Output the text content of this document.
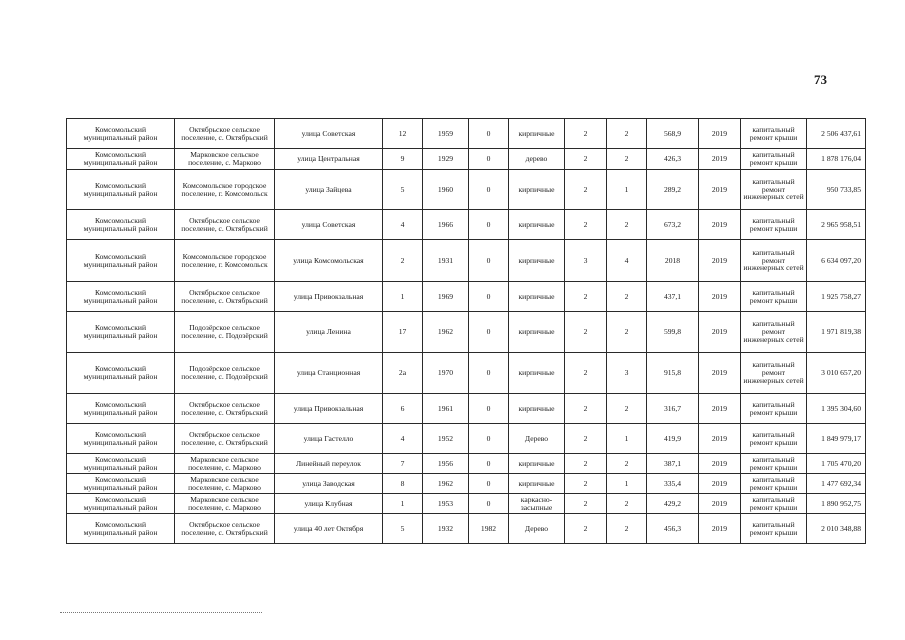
73
Комсомольский муниципальный район	Октябрьское сельское поселение, с. Октябрьский	улица Советская	12	1959	0	кирпичные	2	2	568,9	2019	капитальный ремонт крыши	2 506 437,61
Комсомольский муниципальный район	Марковское сельское поселение, с. Марково	улица Центральная	9	1929	0	дерево	2	2	426,3	2019	капитальный ремонт крыши	1 878 176,04
Комсомольский муниципальный район	Комсомольское городское поселение, г. Комсомольск	улица Зайцева	5	1960	0	кирпичные	2	1	289,2	2019	капитальный ремонт инженерных сетей	950 733,85
Комсомольский муниципальный район	Октябрьское сельское поселение, с. Октябрьский	улица Советская	4	1966	0	кирпичные	2	2	673,2	2019	капитальный ремонт крыши	2 965 958,51
Комсомольский муниципальный район	Комсомольское городское поселение, г. Комсомольск	улица Комсомольская	2	1931	0	кирпичные	3	4	2018	2019	капитальный ремонт инженерных сетей	6 634 097,20
Комсомольский муниципальный район	Октябрьское сельское поселение, с. Октябрьский	улица Привокзальная	1	1969	0	кирпичные	2	2	437,1	2019	капитальный ремонт крыши	1 925 758,27
Комсомольский муниципальный район	Подозёрское сельское поселение, с. Подозёрский	улица Ленина	17	1962	0	кирпичные	2	2	599,8	2019	капитальный ремонт инженерных сетей	1 971 819,38
Комсомольский муниципальный район	Подозёрское сельское поселение, с. Подозёрский	улица Станционная	2а	1970	0	кирпичные	2	3	915,8	2019	капитальный ремонт инженерных сетей	3 010 657,20
Комсомольский муниципальный район	Октябрьское сельское поселение, с. Октябрьский	улица Привокзальная	6	1961	0	кирпичные	2	2	316,7	2019	капитальный ремонт крыши	1 395 304,60
Комсомольский муниципальный район	Октябрьское сельское поселение, с. Октябрьский	улица Гастелло	4	1952	0	Дерево	2	1	419,9	2019	капитальный ремонт крыши	1 849 979,17
Комсомольский муниципальный район	Марковское сельское поселение, с. Марково	Линейный переулок	7	1956	0	кирпичные	2	2	387,1	2019	капитальный ремонт крыши	1 705 470,20
Комсомольский муниципальный район	Марковское сельское поселение, с. Марково	улица Заводская	8	1962	0	кирпичные	2	1	335,4	2019	капитальный ремонт крыши	1 477 692,34
Комсомольский муниципальный район	Марковское сельское поселение, с. Марково	улица Клубная	1	1953	0	каркасно-засыпные	2	2	429,2	2019	капитальный ремонт крыши	1 890 952,75
Комсомольский муниципальный район	Октябрьское сельское поселение, с. Октябрьский	улица 40 лет Октября	5	1932	1982	Дерево	2	2	456,3	2019	капитальный ремонт крыши	2 010 348,88
